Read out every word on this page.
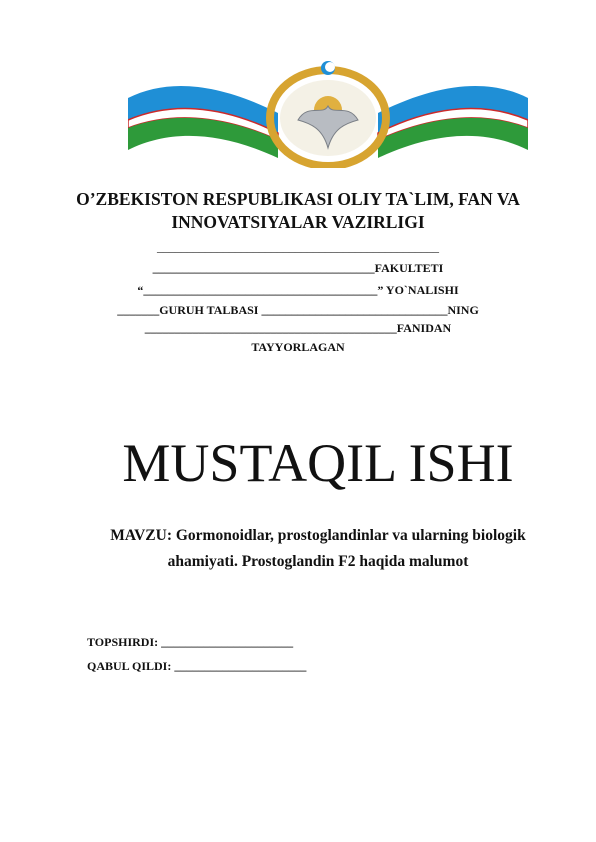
O’ZBEKISTON RESPUBLIKASI OLIY TA`LIM, FAN VA
INNOVATSIYALAR VAZIRLIGI
_______________________________________________
_____________________________________FAKULTETI
“_______________________________________” YO`NALISHI
_______GURUH TALBASI _______________________________NING
__________________________________________FANIDAN
TAYYORLAGAN
MUSTAQIL ISHI
MAVZU: Gormonoidlar, prostoglandinlar va ularning biologik
ahamiyati. Prostoglandin F2 haqida malumot
TOPSHIRDI: ______________________
QABUL QILDI: ______________________
